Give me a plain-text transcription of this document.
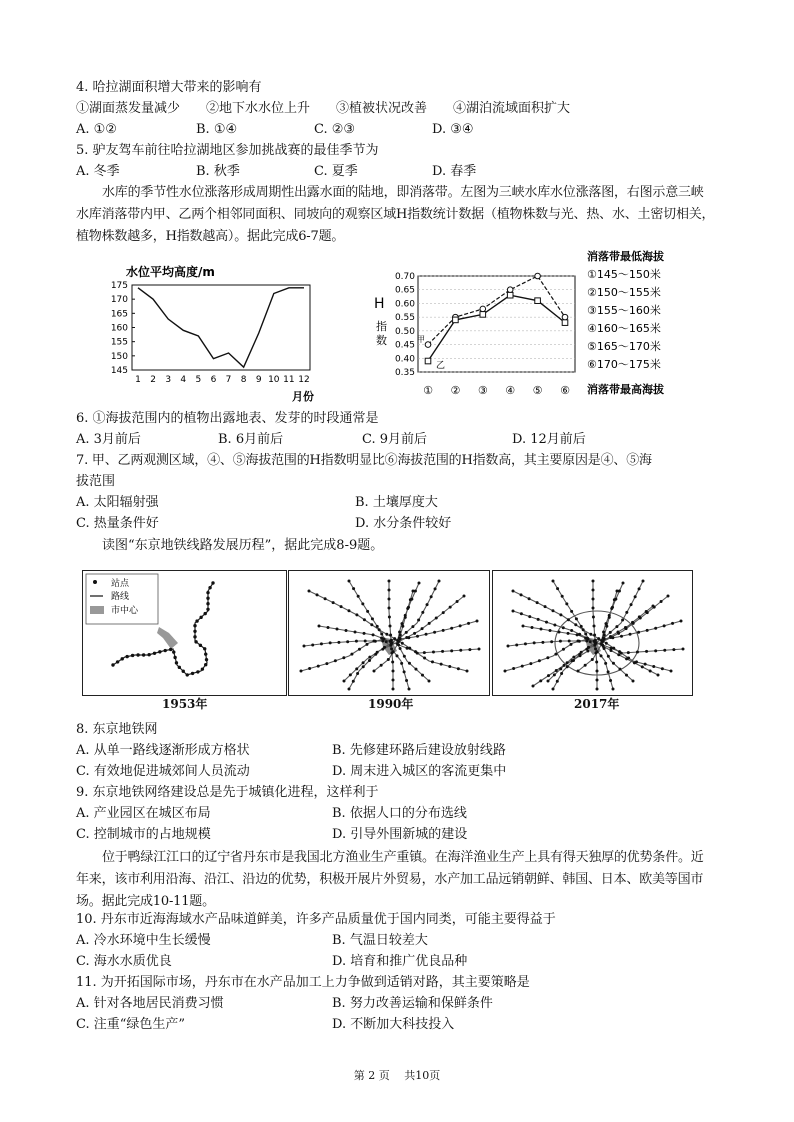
4. 哈拉湖面积增大带来的影响有
①湖面蒸发量减少　　②地下水水位上升　　③植被状况改善　　④湖泊流域面积扩大
A. ①②	B. ①④	C. ②③	D. ③④
5. 驴友驾车前往哈拉湖地区参加挑战赛的最佳季节为
A. 冬季	B. 秋季	C. 夏季	D. 春季
水库的季节性水位涨落形成周期性出露水面的陆地，即消落带。左图为三峡水库水位涨落图，右图示意三峡水库消落带内甲、乙两个相邻同面积、同坡向的观察区域H指数统计数据（植物株数与光、热、水、土密切相关，植物株数越多，H指数越高）。据此完成6-7题。
水位平均高度/m
月份
175
170
165
160
155
150
145
1 2 3 4 5 6 7 8 9 10 11 12
H
指
数	甲
乙
消落带最低海拔
消落带最高海拔
0.70
0.65
0.60
0.55
0.50
0.45
0.40
0.35
① ② ③ ④ ⑤ ⑥
①145～150米
②150～155米
③155～160米
④160～165米
⑤165～170米
⑥170～175米
6. ①海拔范围内的植物出露地表、发芽的时段通常是
A. 3月前后	B. 6月前后	C. 9月前后	D. 12月前后
7. 甲、乙两观测区域，④、⑤海拔范围的H指数明显比⑥海拔范围的H指数高，其主要原因是④、⑤海
拔范围
A. 太阳辐射强	B. 土壤厚度大
C. 热量条件好	D. 水分条件较好
读图“东京地铁线路发展历程”，据此完成8-9题。
站点
路线
市中心
1953年	1990年	2017年
8. 东京地铁网
A. 从单一路线逐渐形成方格状	B. 先修建环路后建设放射线路
C. 有效地促进城郊间人员流动	D. 周末进入城区的客流更集中
9. 东京地铁网络建设总是先于城镇化进程，这样利于
A. 产业园区在城区布局	B. 依据人口的分布选线
C. 控制城市的占地规模	D. 引导外围新城的建设
位于鸭绿江江口的辽宁省丹东市是我国北方渔业生产重镇。在海洋渔业生产上具有得天独厚的优势条件。近年来，该市利用沿海、沿江、沿边的优势，积极开展片外贸易，水产加工品远销朝鲜、韩国、日本、欧美等国市场。据此完成10-11题。
10. 丹东市近海海域水产品味道鲜美，许多产品质量优于国内同类，可能主要得益于
A. 冷水环境中生长缓慢	B. 气温日较差大
C. 海水水质优良	D. 培育和推广优良品种
11. 为开拓国际市场，丹东市在水产品加工上力争做到适销对路，其主要策略是
A. 针对各地居民消费习惯	B. 努力改善运输和保鲜条件
C. 注重“绿色生产”	D. 不断加大科技投入
第 2 页　 共10页
